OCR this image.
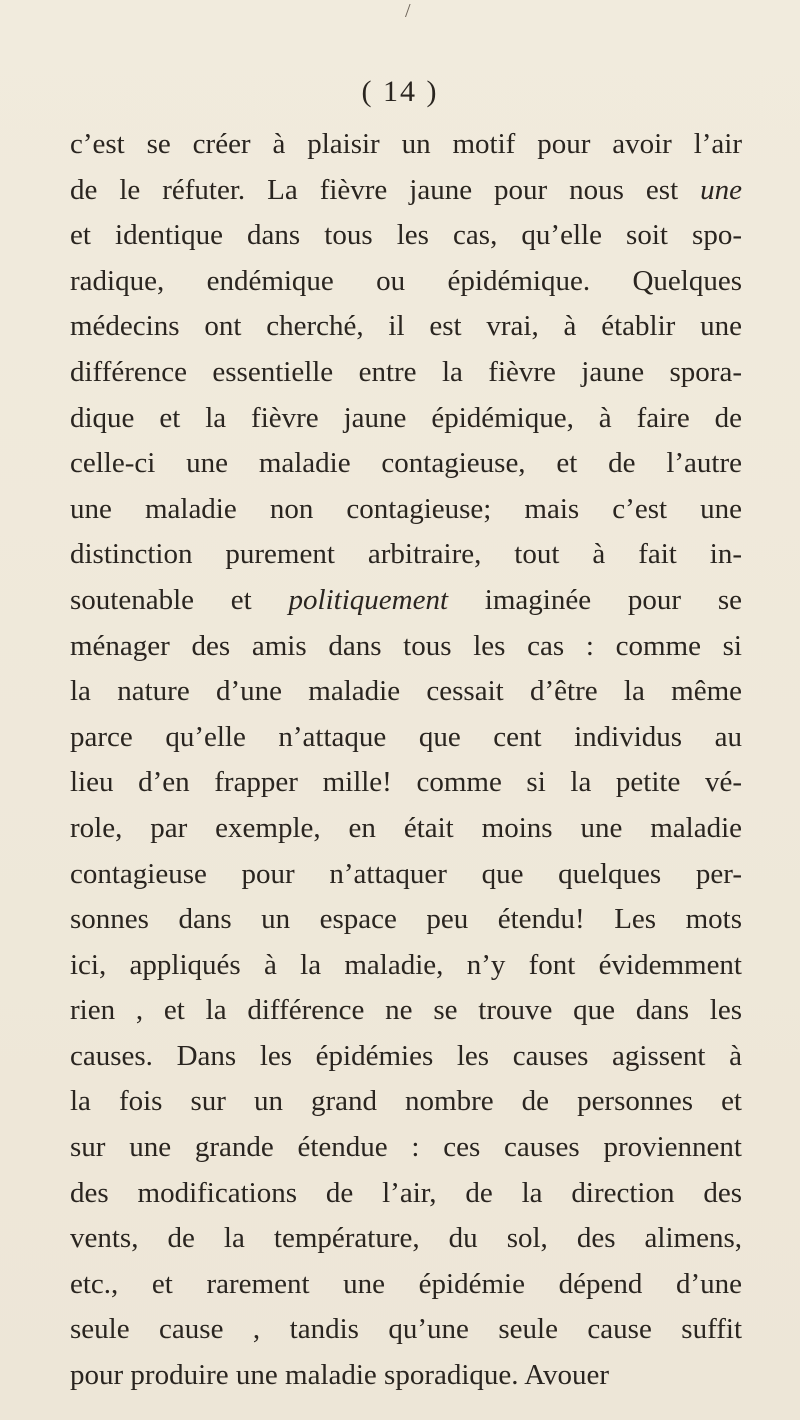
/
( 14 )
c’est se créer à plaisir un motif pour avoir l’air
de le réfuter. La fièvre jaune pour nous est une
et identique dans tous les cas, qu’elle soit spo-
radique, endémique ou épidémique. Quelques
médecins ont cherché, il est vrai, à établir une
différence essentielle entre la fièvre jaune spora-
dique et la fièvre jaune épidémique, à faire de
celle-ci une maladie contagieuse, et de l’autre
une maladie non contagieuse; mais c’est une
distinction purement arbitraire, tout à fait in-
soutenable et politiquement imaginée pour se
ménager des amis dans tous les cas : comme si
la nature d’une maladie cessait d’être la même
parce qu’elle n’attaque que cent individus au
lieu d’en frapper mille! comme si la petite vé-
role, par exemple, en était moins une maladie
contagieuse pour n’attaquer que quelques per-
sonnes dans un espace peu étendu! Les mots
ici, appliqués à la maladie, n’y font évidemment
rien , et la différence ne se trouve que dans les
causes. Dans les épidémies les causes agissent à
la fois sur un grand nombre de personnes et
sur une grande étendue : ces causes proviennent
des modifications de l’air, de la direction des
vents, de la température, du sol, des alimens,
etc., et rarement une épidémie dépend d’une
seule cause , tandis qu’une seule cause suffit
pour produire une maladie sporadique. Avouer
